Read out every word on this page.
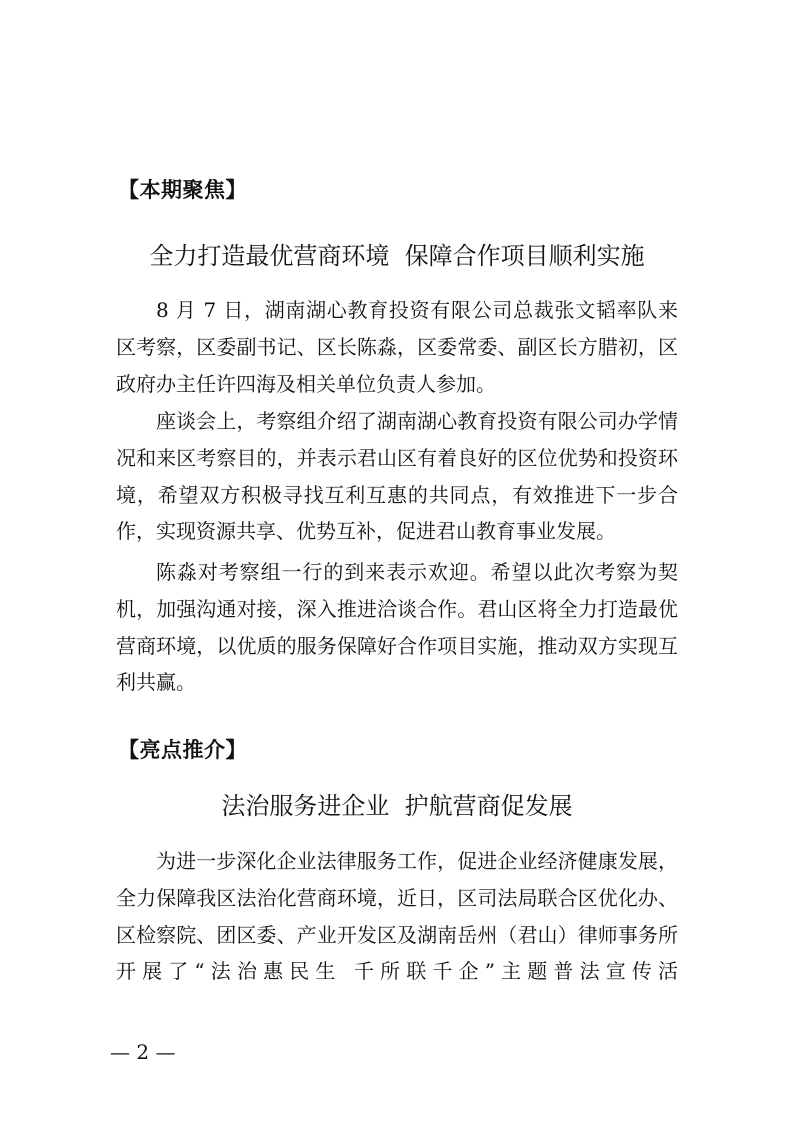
【本期聚焦】
全力打造最优营商环境  保障合作项目顺利实施
8 月 7 日，湖南湖心教育投资有限公司总裁张文韬率队来区考察，区委副书记、区长陈淼，区委常委、副区长方腊初，区政府办主任许四海及相关单位负责人参加。
座谈会上，考察组介绍了湖南湖心教育投资有限公司办学情况和来区考察目的，并表示君山区有着良好的区位优势和投资环境，希望双方积极寻找互利互惠的共同点，有效推进下一步合作，实现资源共享、优势互补，促进君山教育事业发展。
陈淼对考察组一行的到来表示欢迎。希望以此次考察为契机，加强沟通对接，深入推进洽谈合作。君山区将全力打造最优营商环境，以优质的服务保障好合作项目实施，推动双方实现互利共赢。
【亮点推介】
法治服务进企业  护航营商促发展
为进一步深化企业法律服务工作，促进企业经济健康发展，全力保障我区法治化营商环境，近日，区司法局联合区优化办、区检察院、团区委、产业开发区及湖南岳州（君山）律师事务所开展了“法治惠民生 千所联千企”主题普法宣传活
— 2 —
